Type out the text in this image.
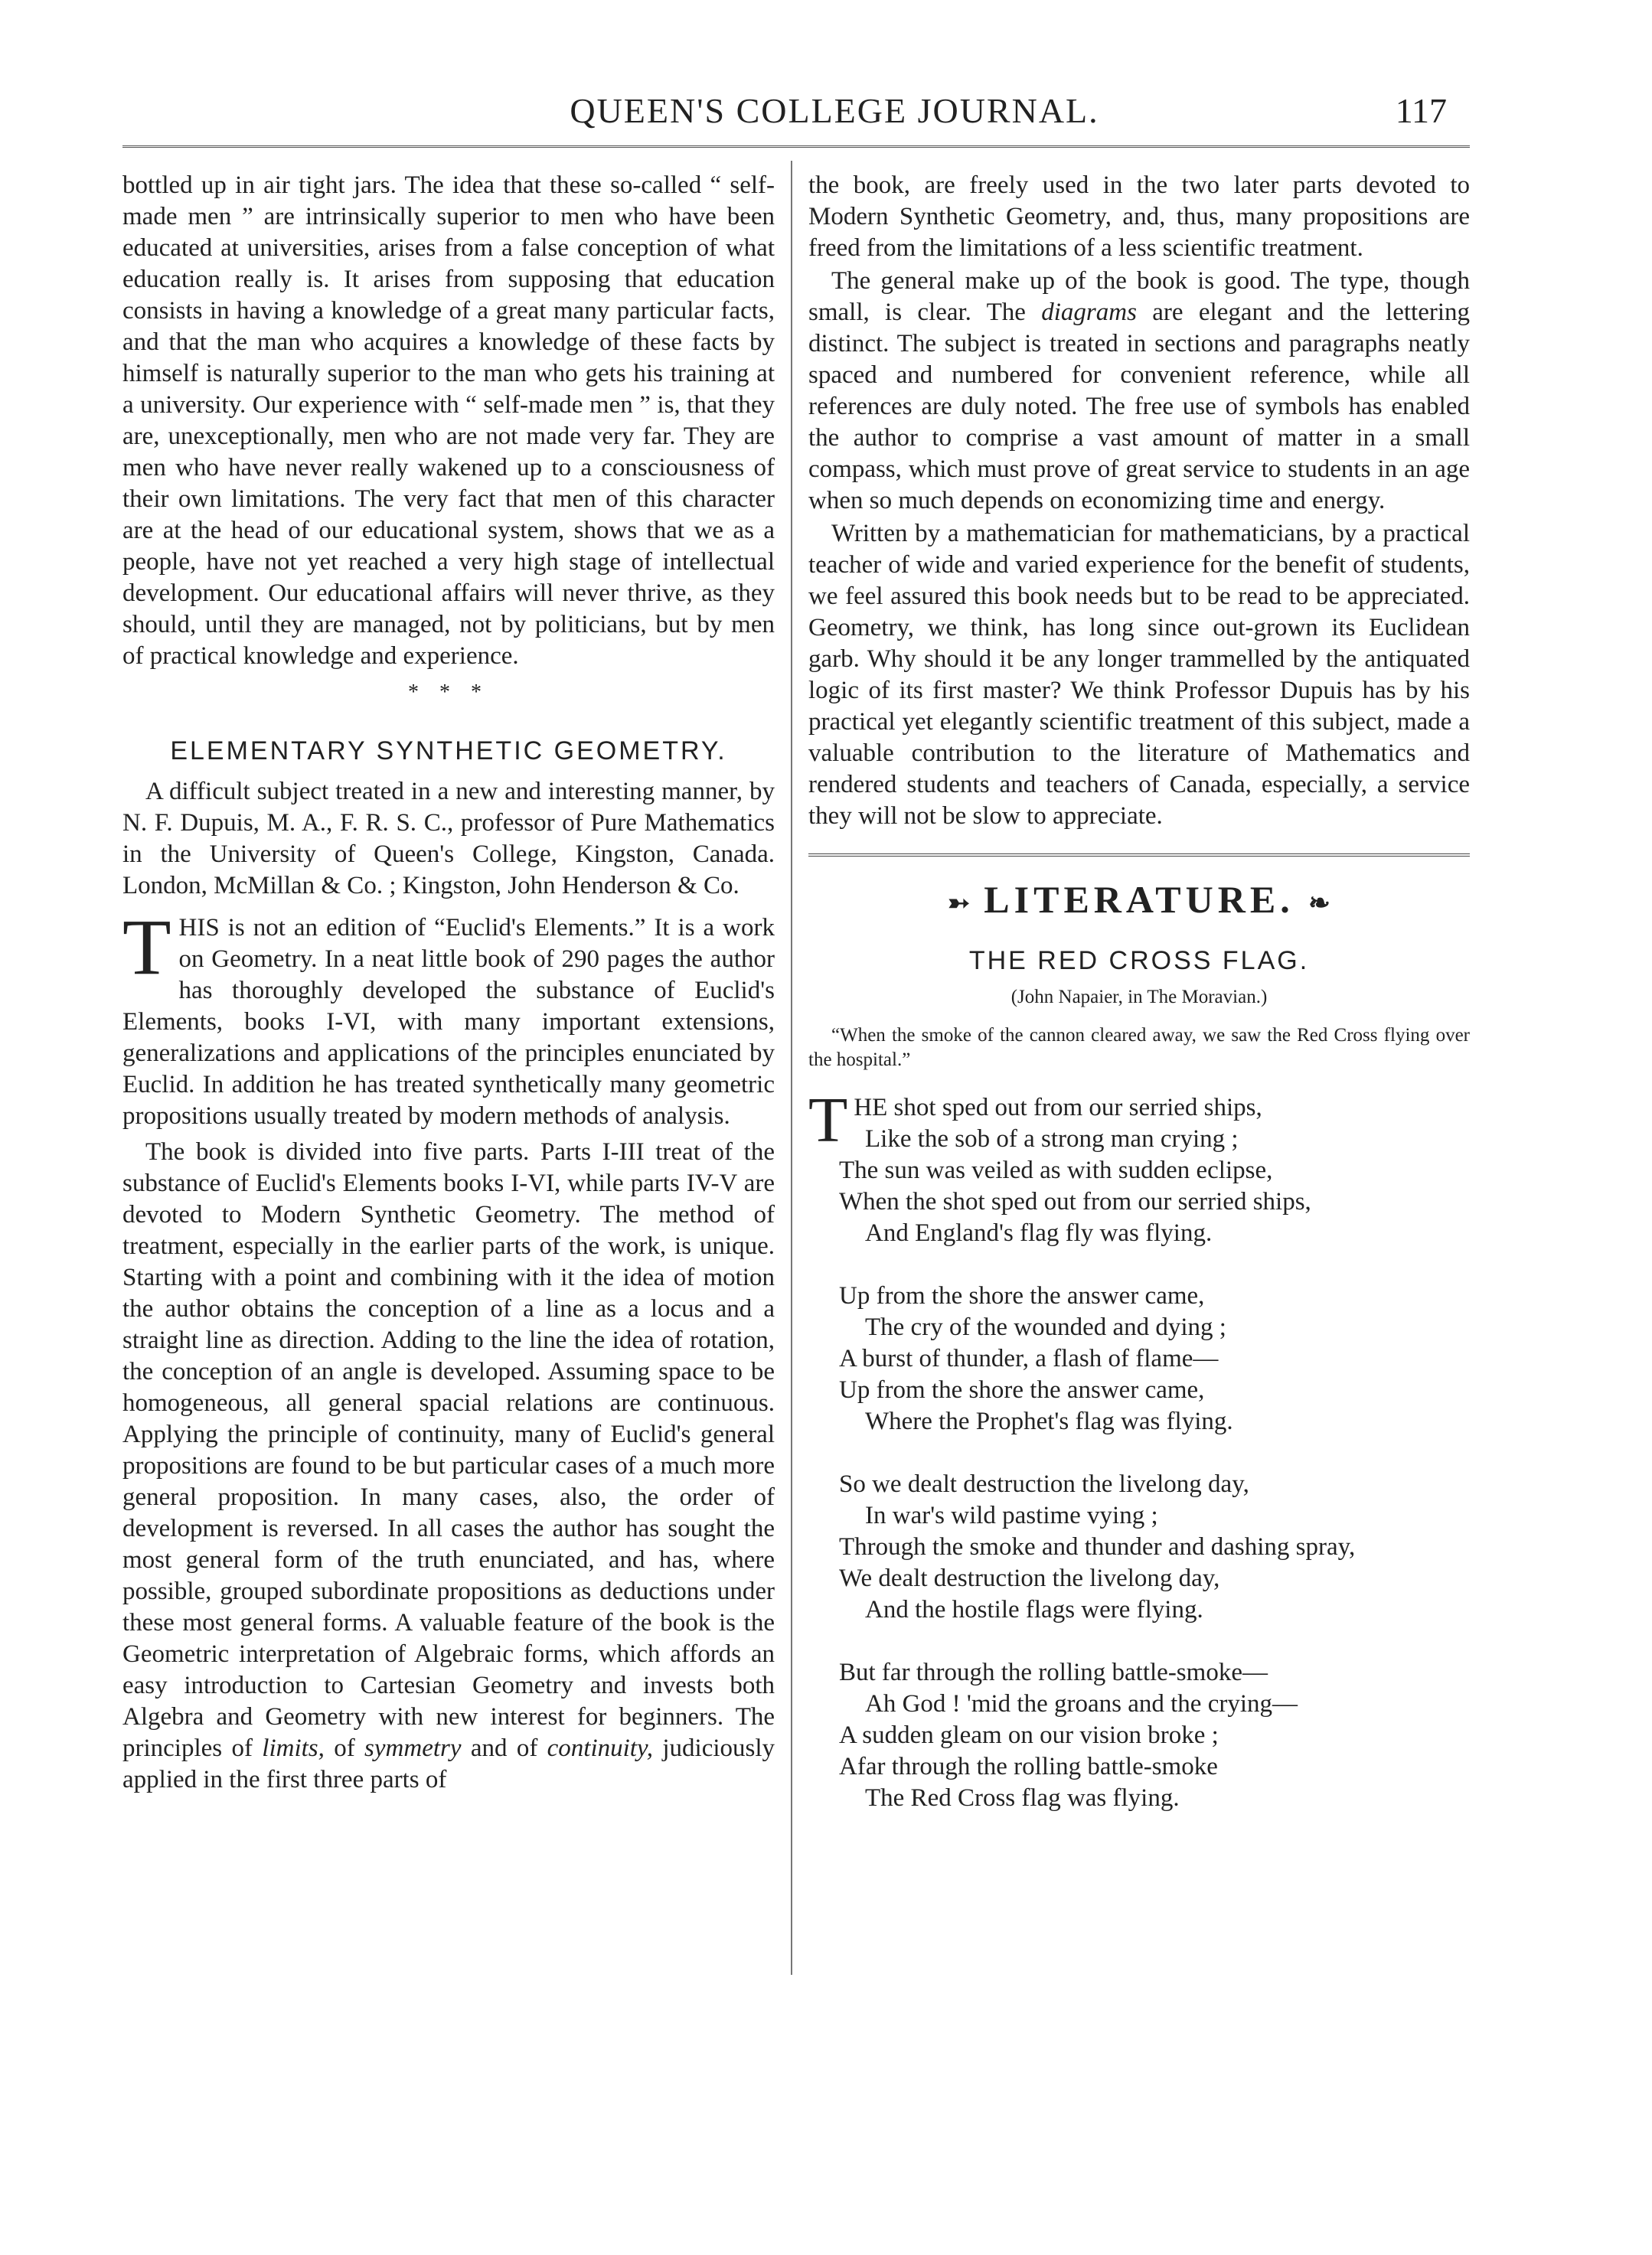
QUEEN'S COLLEGE JOURNAL.	117

bottled up in air tight jars. The idea that these so-called “ self-made men ” are intrinsically superior to men who have been educated at universities, arises from a false conception of what education really is. It arises from supposing that education consists in having a knowledge of a great many particular facts, and that the man who acquires a knowledge of these facts by himself is naturally superior to the man who gets his training at a university. Our experience with “ self-made men ” is, that they are, unexceptionally, men who are not made very far. They are men who have never really wakened up to a consciousness of their own limitations. The very fact that men of this character are at the head of our educational system, shows that we as a people, have not yet reached a very high stage of intellectual development. Our educational affairs will never thrive, as they should, until they are managed, not by politicians, but by men of practical knowledge and experience.

* * *
ELEMENTARY SYNTHETIC GEOMETRY.

A difficult subject treated in a new and interesting manner, by N. F. Dupuis, M. A., F. R. S. C., professor of Pure Mathematics in the University of Queen's College, Kingston, Canada. London, McMillan & Co. ; Kingston, John Henderson & Co.

THIS is not an edition of “Euclid's Elements.” It is a work on Geometry. In a neat little book of 290 pages the author has thoroughly developed the substance of Euclid's Elements, books I-VI, with many important extensions, generalizations and applications of the principles enunciated by Euclid. In addition he has treated synthetically many geometric propositions usually treated by modern methods of analysis.

The book is divided into five parts. Parts I-III treat of the substance of Euclid's Elements books I-VI, while parts IV-V are devoted to Modern Synthetic Geometry. The method of treatment, especially in the earlier parts of the work, is unique. Starting with a point and combining with it the idea of motion the author obtains the conception of a line as a locus and a straight line as direction. Adding to the line the idea of rotation, the conception of an angle is developed. Assuming space to be homogeneous, all general spacial relations are continuous. Applying the principle of continuity, many of Euclid's general propositions are found to be but particular cases of a much more general proposition. In many cases, also, the order of development is reversed. In all cases the author has sought the most general form of the truth enunciated, and has, where possible, grouped subordinate propositions as deductions under these most general forms. A valuable feature of the book is the Geometric interpretation of Algebraic forms, which affords an easy introduction to Cartesian Geometry and invests both Algebra and Geometry with new interest for beginners. The principles of limits, of symmetry and of continuity, judiciously applied in the first three parts of

the book, are freely used in the two later parts devoted to Modern Synthetic Geometry, and, thus, many propositions are freed from the limitations of a less scientific treatment.

The general make up of the book is good. The type, though small, is clear. The diagrams are elegant and the lettering distinct. The subject is treated in sections and paragraphs neatly spaced and numbered for convenient reference, while all references are duly noted. The free use of symbols has enabled the author to comprise a vast amount of matter in a small compass, which must prove of great service to students in an age when so much depends on economizing time and energy.

Written by a mathematician for mathematicians, by a practical teacher of wide and varied experience for the benefit of students, we feel assured this book needs but to be read to be appreciated. Geometry, we think, has long since out-grown its Euclidean garb. Why should it be any longer trammelled by the antiquated logic of its first master? We think Professor Dupuis has by his practical yet elegantly scientific treatment of this subject, made a valuable contribution to the literature of Mathematics and rendered students and teachers of Canada, especially, a service they will not be slow to appreciate.

➳ LITERATURE. ❧
THE RED CROSS FLAG.
(John Napaier, in The Moravian.)

“When the smoke of the cannon cleared away, we saw the Red Cross flying over the hospital.”

T HE shot sped out from our serried ships,
Like the sob of a strong man crying ;
The sun was veiled as with sudden eclipse,
When the shot sped out from our serried ships,
And England's flag fly was flying.
Up from the shore the answer came,
The cry of the wounded and dying ;
A burst of thunder, a flash of flame—
Up from the shore the answer came,
Where the Prophet's flag was flying.
So we dealt destruction the livelong day,
In war's wild pastime vying ;
Through the smoke and thunder and dashing spray,
We dealt destruction the livelong day,
And the hostile flags were flying.
But far through the rolling battle-smoke—
Ah God ! 'mid the groans and the crying—
A sudden gleam on our vision broke ;
Afar through the rolling battle-smoke
The Red Cross flag was flying.
